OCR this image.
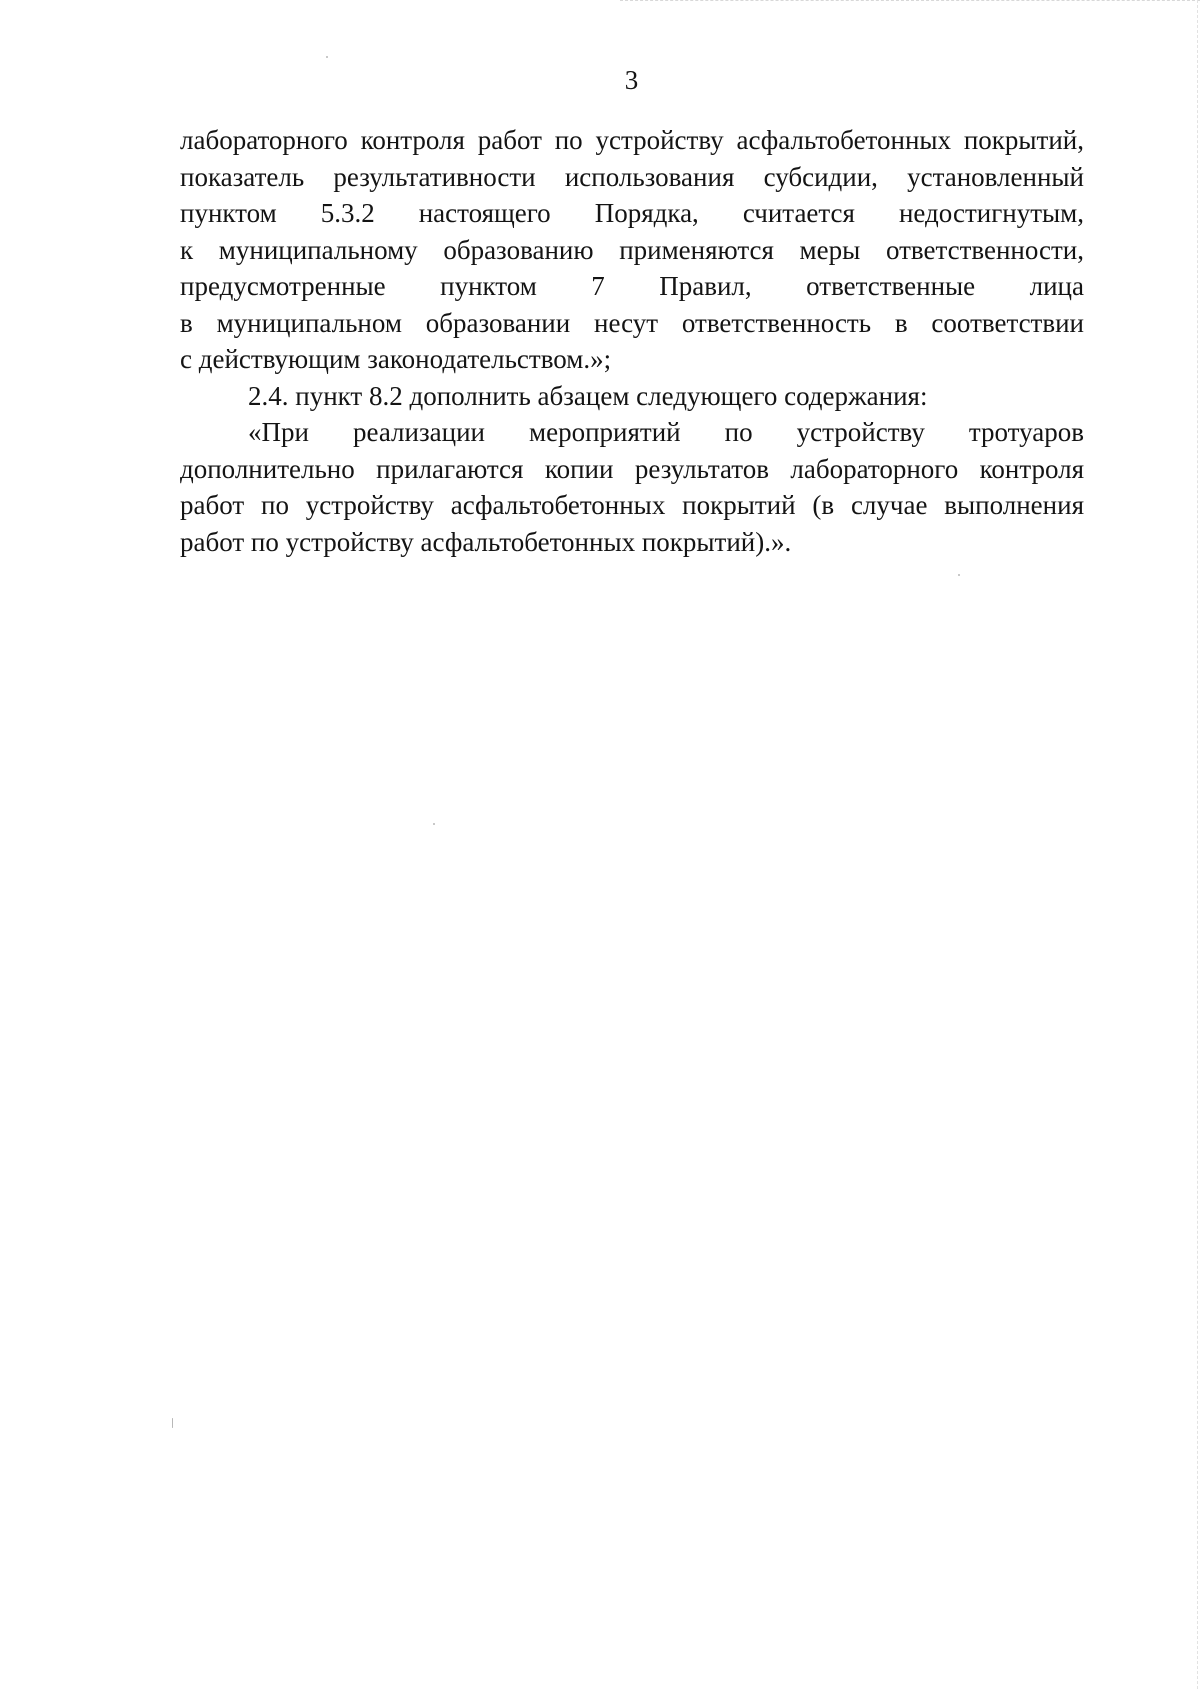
3
лабораторного контроля работ по устройству асфальтобетонных покрытий,
показатель результативности использования субсидии, установленный
пунктом 5.3.2 настоящего Порядка, считается недостигнутым,
к муниципальному образованию применяются меры ответственности,
предусмотренные пунктом 7 Правил, ответственные лица
в муниципальном образовании несут ответственность в соответствии
с действующим законодательством.»;
2.4. пункт 8.2 дополнить абзацем следующего содержания:
«При реализации мероприятий по устройству тротуаров
дополнительно прилагаются копии результатов лабораторного контроля
работ по устройству асфальтобетонных покрытий (в случае выполнения
работ по устройству асфальтобетонных покрытий).».
